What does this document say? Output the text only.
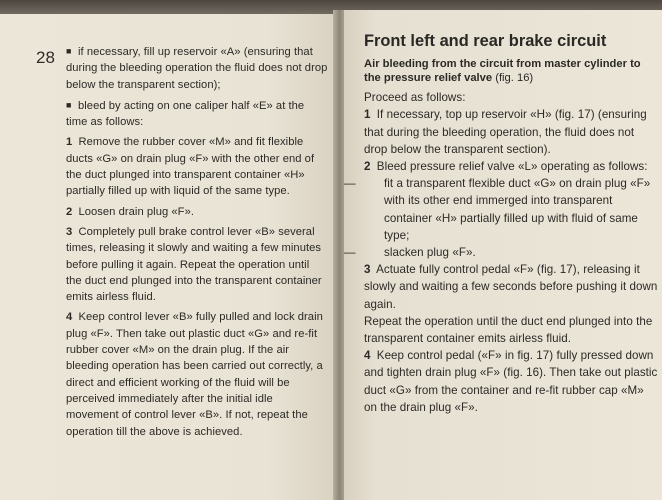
28 ■ if necessary, fill up reservoir «A» (ensuring that during the bleeding operation the fluid does not drop below the transparent section);

■ bleed by acting on one caliper half «E» at the time as follows:

1 Remove the rubber cover «M» and fit flexible ducts «G» on drain plug «F» with the other end of the duct plunged into transparent container «H» partially filled up with liquid of the same type.

2 Loosen drain plug «F».

3 Completely pull brake control lever «B» several times, releasing it slowly and waiting a few minutes before pulling it again. Repeat the operation until the duct end plunged into the transparent container emits airless fluid.

4 Keep control lever «B» fully pulled and lock drain plug «F». Then take out plastic duct «G» and re-fit rubber cover «M» on the drain plug. If the air bleeding operation has been carried out correctly, a direct and efficient working of the fluid will be perceived immediately after the initial idle movement of control lever «B». If not, repeat the operation till the above is achieved.

Front left and rear brake circuit

Air bleeding from the circuit from master cylinder to the pressure relief valve (fig. 16)

Proceed as follows:

1 If necessary, top up reservoir «H» (fig. 17) (ensuring that during the bleeding operation, the fluid does not drop below the transparent section).

2 Bleed pressure relief valve «L» operating as follows:

— fit a transparent flexible duct «G» on drain plug «F» with its other end immerged into transparent container «H» partially filled up with fluid of same type;

— slacken plug «F».

3 Actuate fully control pedal «F» (fig. 17), releasing it slowly and waiting a few seconds before pushing it down again.

Repeat the operation until the duct end plunged into the transparent container emits airless fluid.

4 Keep control pedal («F» in fig. 17) fully pressed down and tighten drain plug «F» (fig. 16). Then take out plastic duct «G» from the container and re-fit rubber cap «M» on the drain plug «F».
